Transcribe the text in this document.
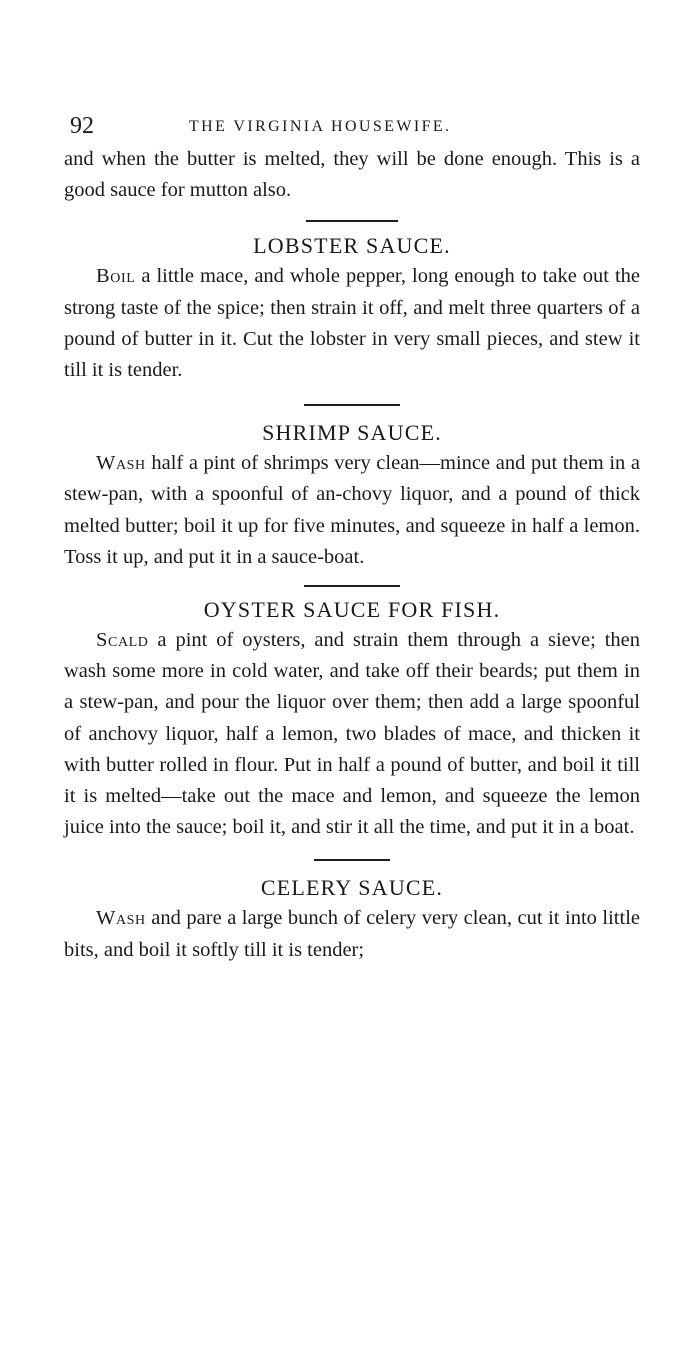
92	THE VIRGINIA HOUSEWIFE.

and when the butter is melted, they will be done enough. This is a good sauce for mutton also.

LOBSTER SAUCE.

Boil a little mace, and whole pepper, long enough to take out the strong taste of the spice; then strain it off, and melt three quarters of a pound of butter in it. Cut the lobster in very small pieces, and stew it till it is tender.

SHRIMP SAUCE.

Wash half a pint of shrimps very clean—mince and put them in a stew-pan, with a spoonful of an-chovy liquor, and a pound of thick melted butter; boil it up for five minutes, and squeeze in half a lemon. Toss it up, and put it in a sauce-boat.

OYSTER SAUCE FOR FISH.

Scald a pint of oysters, and strain them through a sieve; then wash some more in cold water, and take off their beards; put them in a stew-pan, and pour the liquor over them; then add a large spoonful of anchovy liquor, half a lemon, two blades of mace, and thicken it with butter rolled in flour. Put in half a pound of butter, and boil it till it is melted—take out the mace and lemon, and squeeze the lemon juice into the sauce; boil it, and stir it all the time, and put it in a boat.

CELERY SAUCE.

Wash and pare a large bunch of celery very clean, cut it into little bits, and boil it softly till it is tender;
